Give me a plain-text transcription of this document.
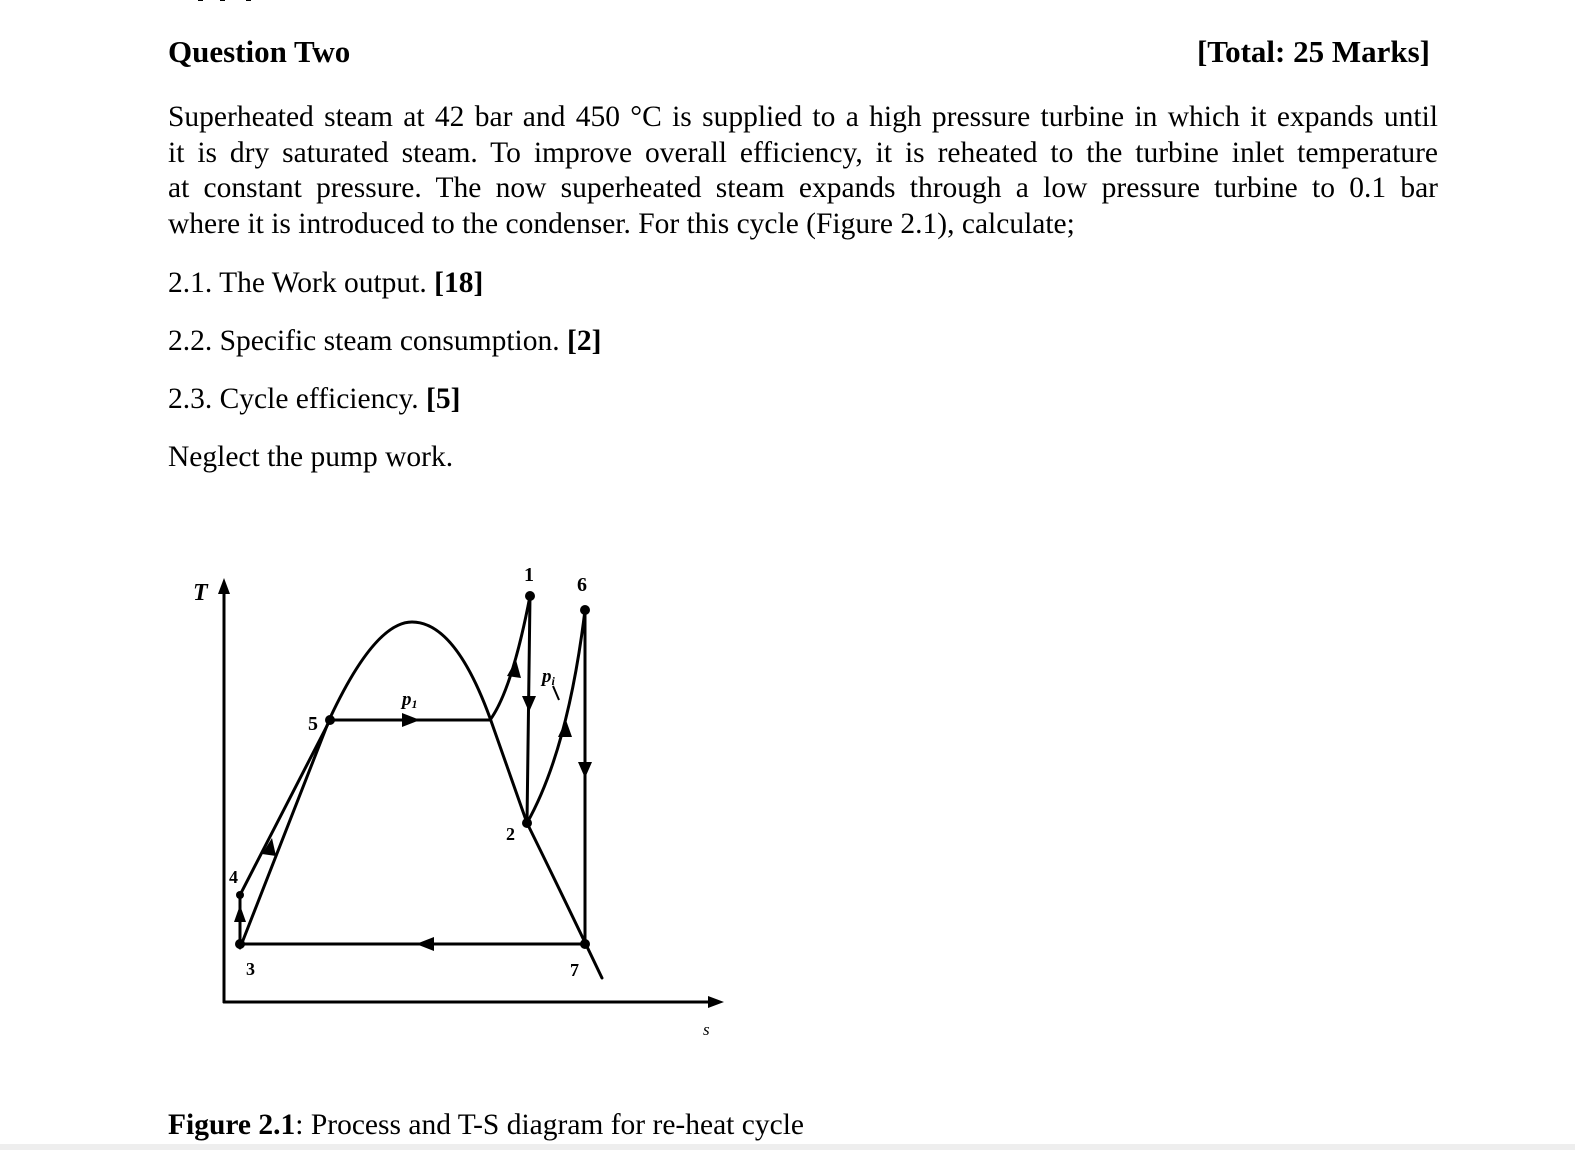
Question Two	[Total: 25 Marks]
Superheated steam at 42 bar and 450 °C is supplied to a high pressure turbine in which it expands until
it is dry saturated steam. To improve overall efficiency, it is reheated to the turbine inlet temperature
at constant pressure. The now superheated steam expands through a low pressure turbine to 0.1 bar
where it is introduced to the condenser. For this cycle (Figure 2.1), calculate;
2.1. The Work output. [18]
2.2. Specific steam consumption. [2]
2.3. Cycle efficiency. [5]
Neglect the pump work.
T
s
1 6
5
2
4
3	7
p1
pi
Figure 2.1: Process and T-S diagram for re-heat cycle
